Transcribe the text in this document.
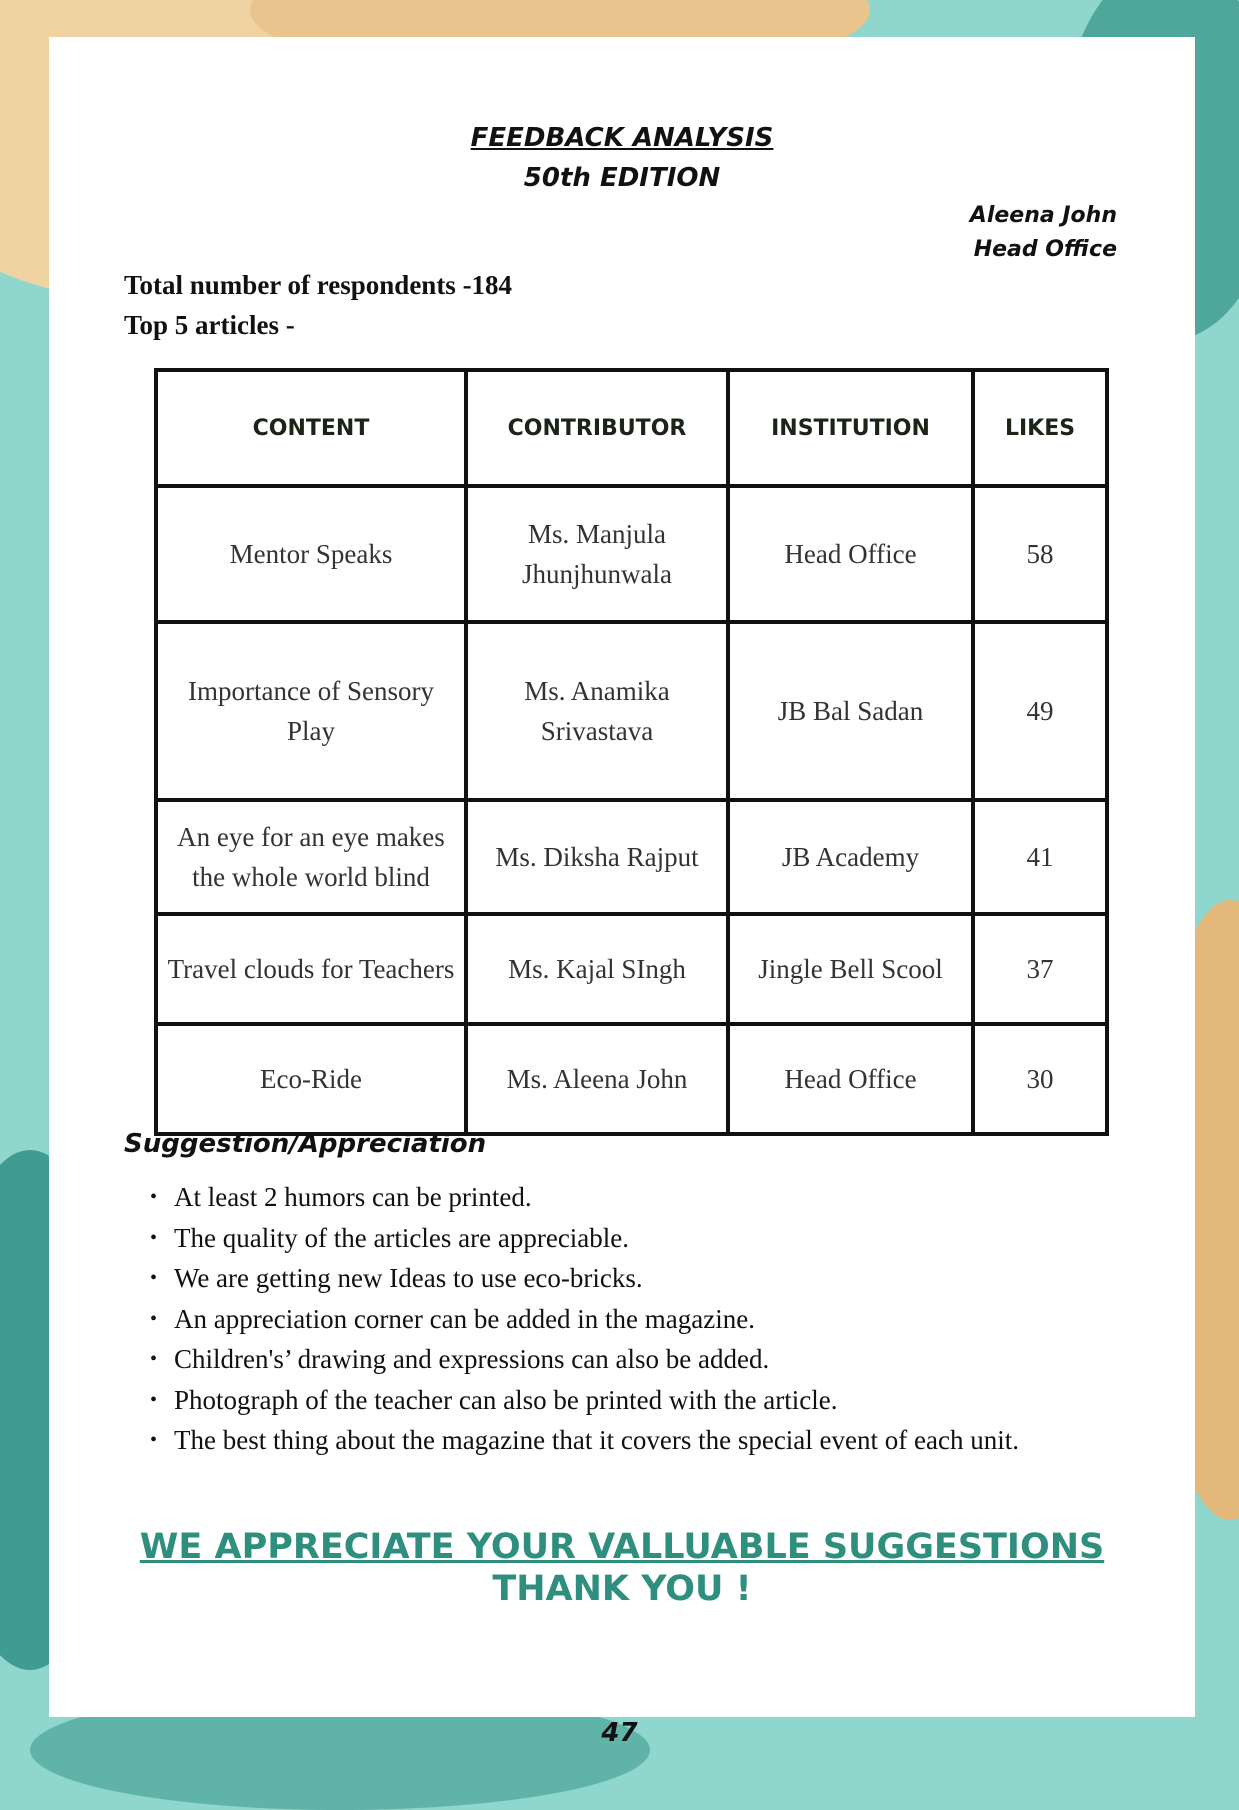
FEEDBACK ANALYSIS
50th EDITION
Aleena John
Head Office
Total number of respondents -184
Top 5 articles -
CONTENT	CONTRIBUTOR	INSTITUTION	LIKES
Mentor Speaks	Ms. Manjula Jhunjhunwala	Head Office	58
Importance of Sensory Play	Ms. Anamika Srivastava	JB Bal Sadan	49
An eye for an eye makes the whole world blind	Ms. Diksha Rajput	JB Academy	41
Travel clouds for Teachers	Ms. Kajal SIngh	Jingle Bell Scool	37
Eco-Ride	Ms. Aleena John	Head Office	30
Suggestion/Appreciation
• At least 2 humors can be printed.
• The quality of the articles are appreciable.
• We are getting new Ideas to use eco-bricks.
• An appreciation corner can be added in the magazine.
• Children's’ drawing and expressions can also be added.
• Photograph of the teacher can also be printed with the article.
• The best thing about the magazine that it covers the special event of each unit.
WE APPRECIATE YOUR VALLUABLE SUGGESTIONS
THANK YOU !
47
